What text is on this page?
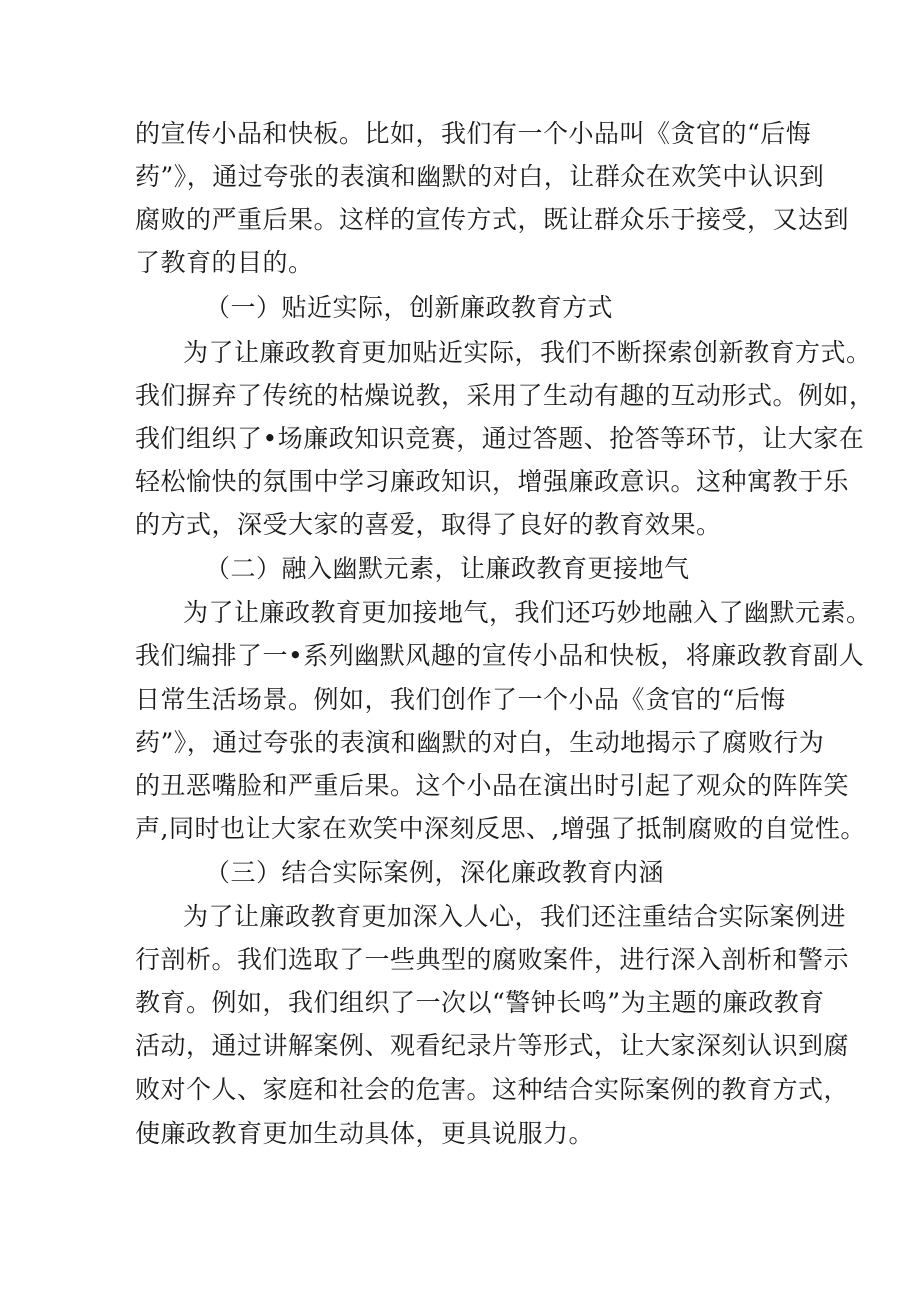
的宣传小品和快板。比如，我们有一个小品叫《贪官的“后悔

药”》，通过夸张的表演和幽默的对白，让群众在欢笑中认识到

腐败的严重后果。这样的宣传方式，既让群众乐于接受，又达到

了教育的目的。

（一）贴近实际，创新廉政教育方式

为了让廉政教育更加贴近实际，我们不断探索创新教育方式。

我们摒弃了传统的枯燥说教，采用了生动有趣的互动形式。例如，

我们组织了•场廉政知识竞赛，通过答题、抢答等环节，让大家在

轻松愉快的氛围中学习廉政知识，增强廉政意识。这种寓教于乐

的方式，深受大家的喜爱，取得了良好的教育效果。

（二）融入幽默元素，让廉政教育更接地气

为了让廉政教育更加接地气，我们还巧妙地融入了幽默元素。

我们编排了一•系列幽默风趣的宣传小品和快板，将廉政教育副人

日常生活场景。例如，我们创作了一个小品《贪官的“后悔

药”》，通过夸张的表演和幽默的对白，生动地揭示了腐败行为

的丑恶嘴脸和严重后果。这个小品在演出时引起了观众的阵阵笑

声,同时也让大家在欢笑中深刻反思、,增强了抵制腐败的自觉性。

（三）结合实际案例，深化廉政教育内涵

为了让廉政教育更加深入人心，我们还注重结合实际案例进

行剖析。我们选取了一些典型的腐败案件，进行深入剖析和警示

教育。例如，我们组织了一次以“警钟长鸣”为主题的廉政教育

活动，通过讲解案例、观看纪录片等形式，让大家深刻认识到腐

败对个人、家庭和社会的危害。这种结合实际案例的教育方式，

使廉政教育更加生动具体，更具说服力。
